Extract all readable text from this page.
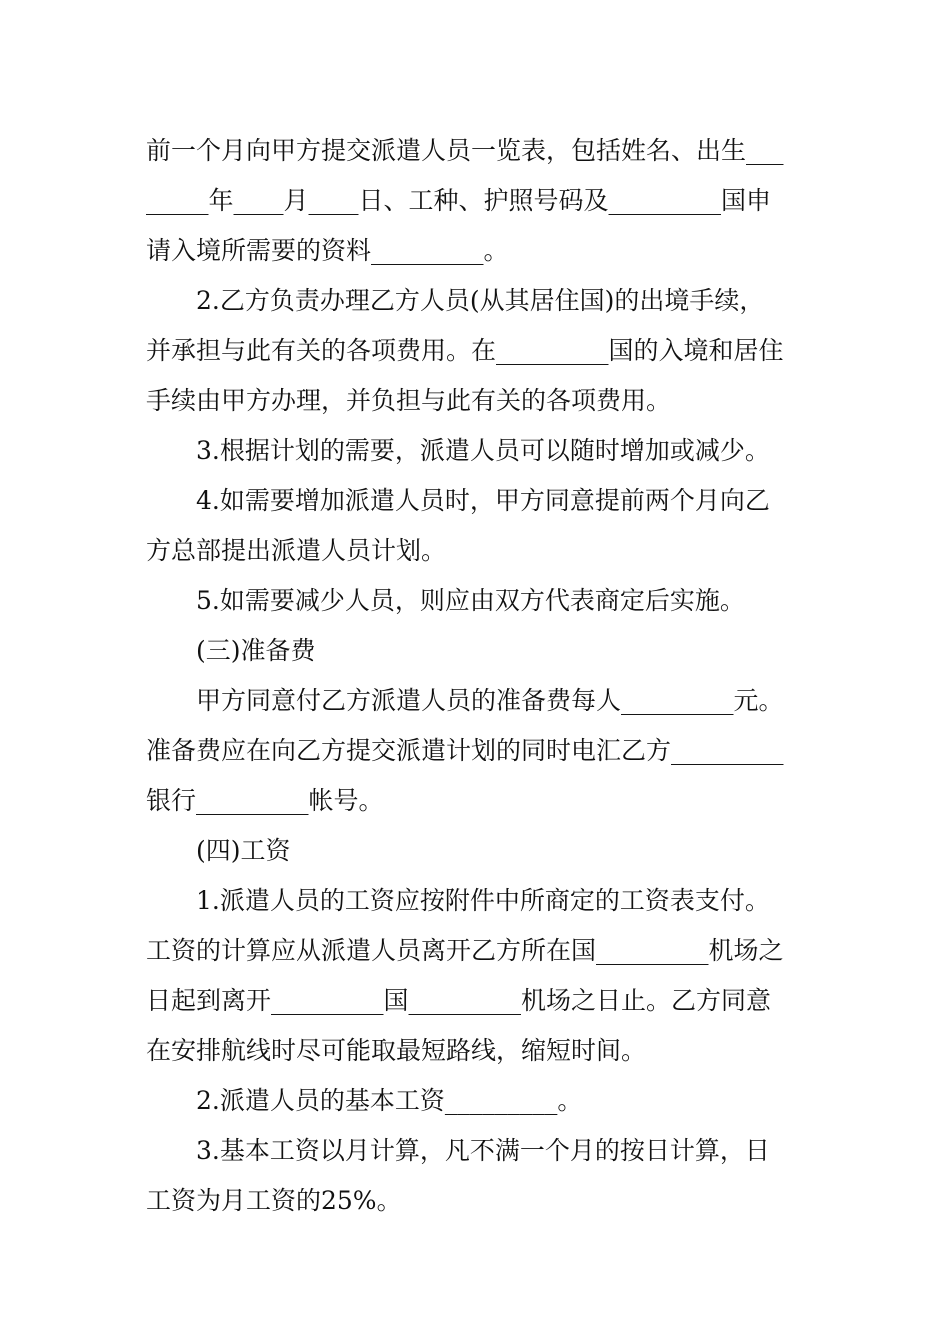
前一个月向甲方提交派遣人员一览表，包括姓名、出生___
_____年____月____日、工种、护照号码及_________国申
请入境所需要的资料_________。
2.乙方负责办理乙方人员(从其居住国)的出境手续，
并承担与此有关的各项费用。在_________国的入境和居住
手续由甲方办理，并负担与此有关的各项费用。
3.根据计划的需要，派遣人员可以随时增加或减少。
4.如需要增加派遣人员时，甲方同意提前两个月向乙
方总部提出派遣人员计划。
5.如需要减少人员，则应由双方代表商定后实施。
(三)准备费
甲方同意付乙方派遣人员的准备费每人_________元。
准备费应在向乙方提交派遣计划的同时电汇乙方_________
银行_________帐号。
(四)工资
1.派遣人员的工资应按附件中所商定的工资表支付。
工资的计算应从派遣人员离开乙方所在国_________机场之
日起到离开_________国_________机场之日止。乙方同意
在安排航线时尽可能取最短路线，缩短时间。
2.派遣人员的基本工资_________。
3.基本工资以月计算，凡不满一个月的按日计算，日
工资为月工资的25%。
